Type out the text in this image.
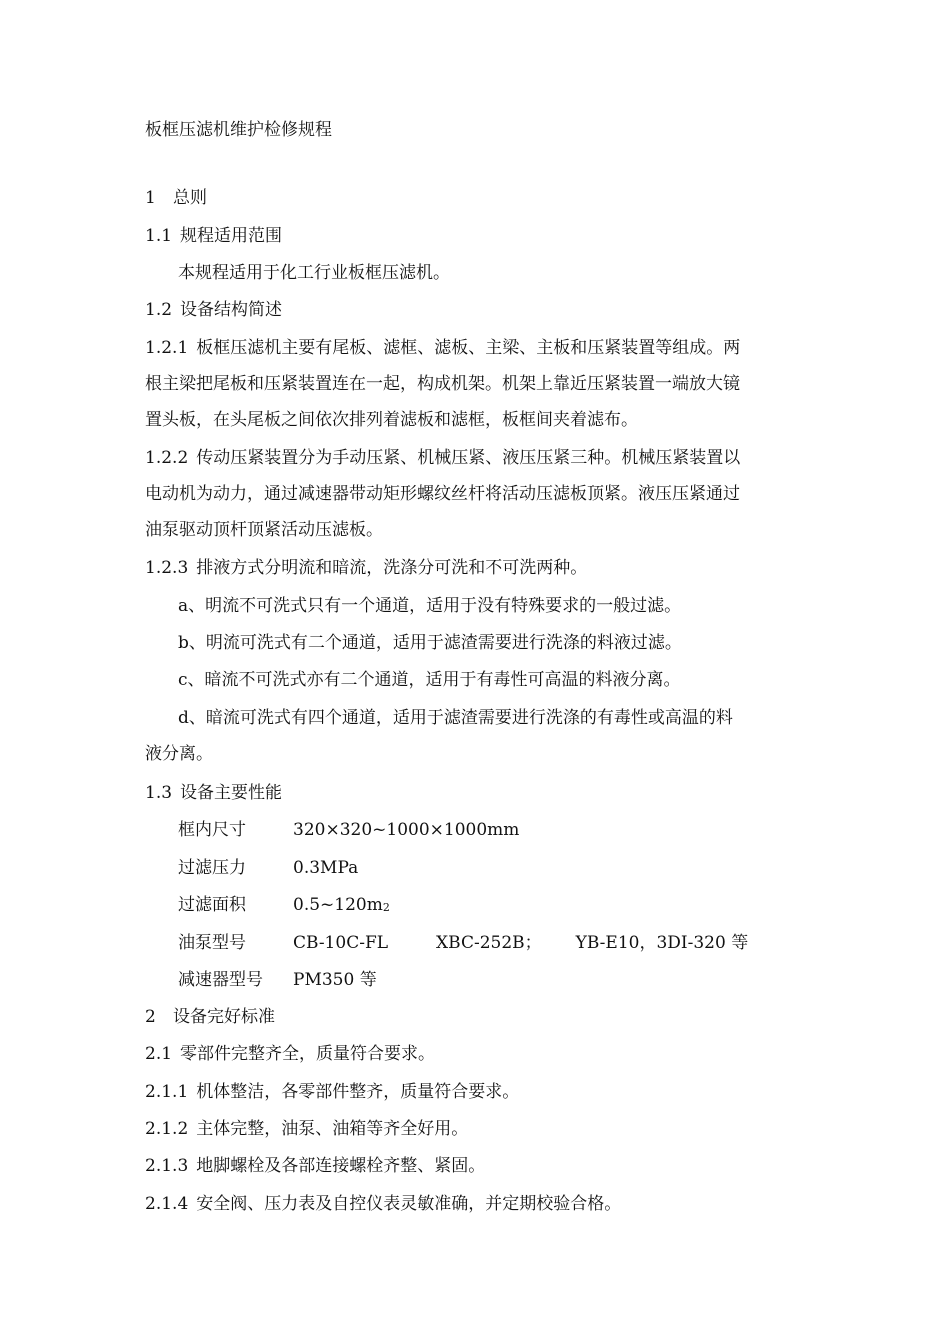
板框压滤机维护检修规程
1 总则
1.1 规程适用范围
本规程适用于化工行业板框压滤机。
1.2 设备结构简述
1.2.1 板框压滤机主要有尾板、滤框、滤板、主梁、主板和压紧装置等组成。两
根主梁把尾板和压紧装置连在一起，构成机架。机架上靠近压紧装置一端放大镜
置头板，在头尾板之间依次排列着滤板和滤框，板框间夹着滤布。
1.2.2 传动压紧装置分为手动压紧、机械压紧、液压压紧三种。机械压紧装置以
电动机为动力，通过减速器带动矩形螺纹丝杆将活动压滤板顶紧。液压压紧通过
油泵驱动顶杆顶紧活动压滤板。
1.2.3 排液方式分明流和暗流，洗涤分可洗和不可洗两种。
a、明流不可洗式只有一个通道，适用于没有特殊要求的一般过滤。
b、明流可洗式有二个通道，适用于滤渣需要进行洗涤的料液过滤。
c、暗流不可洗式亦有二个通道，适用于有毒性可高温的料液分离。
d、暗流可洗式有四个通道，适用于滤渣需要进行洗涤的有毒性或高温的料
液分离。
1.3 设备主要性能
框内尺寸	320×320~1000×1000mm
过滤压力	0.3MPa
过滤面积	0.5~120m2
油泵型号	CB-10C-FL	XBC-252B； YB-E10，3DI-320 等
减速器型号 PM350 等
2 设备完好标准
2.1 零部件完整齐全，质量符合要求。
2.1.1 机体整洁，各零部件整齐，质量符合要求。
2.1.2 主体完整，油泵、油箱等齐全好用。
2.1.3 地脚螺栓及各部连接螺栓齐整、紧固。
2.1.4 安全阀、压力表及自控仪表灵敏准确，并定期校验合格。
